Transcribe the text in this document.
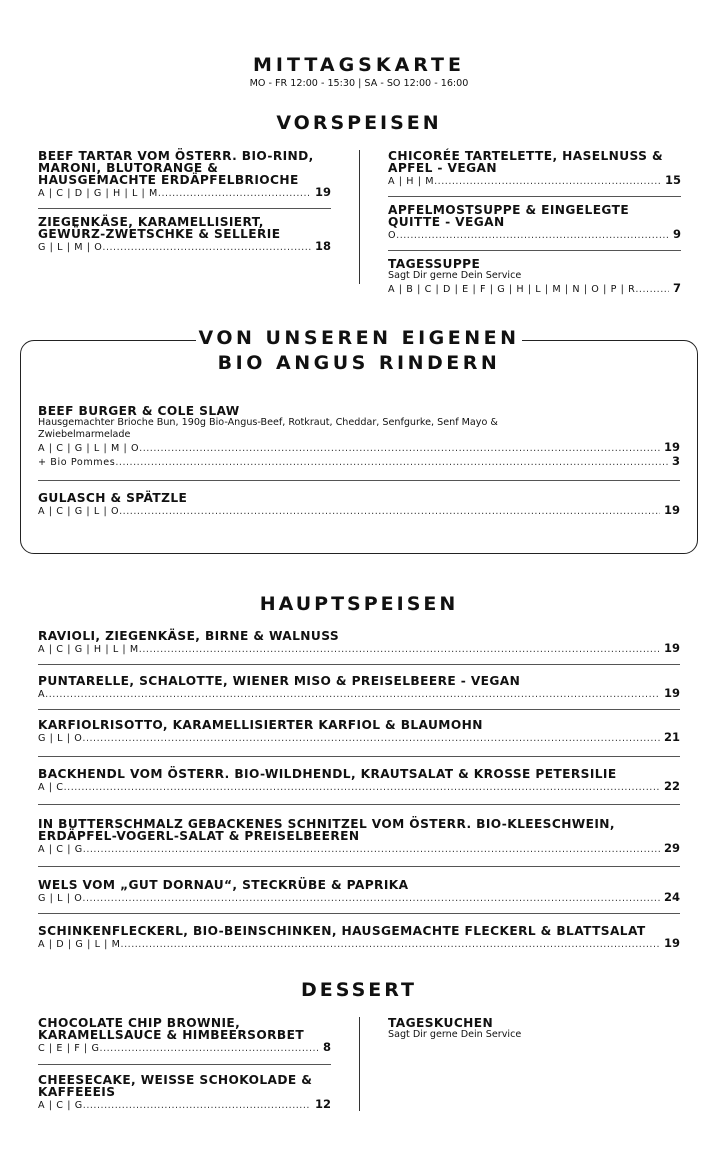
MITTAGSKARTE
MO - FR 12:00 - 15:30 | SA - SO 12:00 - 16:00
VORSPEISEN
BEEF TARTAR VOM ÖSTERR. BIO-RIND, MARONI, BLUTORANGE & HAUSGEMACHTE ERDÄPFELBRIOCHE
A | C | D | G | H | L | M .....	19
ZIEGENKÄSE, KARAMELLISIERT, GEWÜRZ-ZWETSCHKE & SELLERIE
G | L | M | O .....	18
CHICORÉE TARTELETTE, HASELNUSS & APFEL - VEGAN
A | H | M .....	15
APFELMOSTSUPPE & EINGELEGTE QUITTE - VEGAN
O .....	9
TAGESSUPPE
Sagt Dir gerne Dein Service
A | B | C | D | E | F | G | H | L | M | N | O | P | R .....	7
VON UNSEREN EIGENEN
BIO ANGUS RINDERN
BEEF BURGER & COLE SLAW
Hausgemachter Brioche Bun, 190g Bio-Angus-Beef, Rotkraut, Cheddar, Senfgurke, Senf Mayo & Zwiebelmarmelade
A | C | G | L | M | O .....	19
+ Bio Pommes .....	3
GULASCH & SPÄTZLE
A | C | G | L | O .....	19
HAUPTSPEISEN
RAVIOLI, ZIEGENKÄSE, BIRNE & WALNUSS
A | C | G | H | L | M .....	19
PUNTARELLE, SCHALOTTE, WIENER MISO & PREISELBEERE - VEGAN
A .....	19
KARFIOLRISOTTO, KARAMELLISIERTER KARFIOL & BLAUMOHN
G | L | O .....	21
BACKHENDL VOM ÖSTERR. BIO-WILDHENDL, KRAUTSALAT & KROSSE PETERSILIE
A | C .....	22
IN BUTTERSCHMALZ GEBACKENES SCHNITZEL VOM ÖSTERR. BIO-KLEESCHWEIN, ERDÄPFEL-VOGERL-SALAT & PREISELBEEREN
A | C | G .....	29
WELS VOM „GUT DORNAU“, STECKRÜBE & PAPRIKA
G | L | O .....	24
SCHINKENFLECKERL, BIO-BEINSCHINKEN, HAUSGEMACHTE FLECKERL & BLATTSALAT
A | D | G | L | M .....	19
DESSERT
CHOCOLATE CHIP BROWNIE, KARAMELLSAUCE & HIMBEERSORBET
C | E | F | G .....	8
CHEESECAKE, WEISSE SCHOKOLADE & KAFFEEEIS
A | C | G .....	12
TAGESKUCHEN
Sagt Dir gerne Dein Service
